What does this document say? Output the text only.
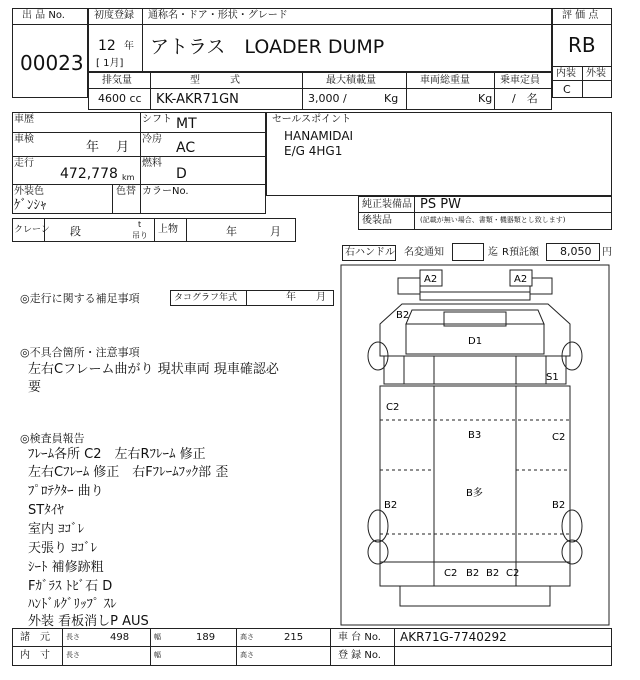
出 品 No.
00023
初度登録 通称名・ドア・形状・グレード
12 年
[ 1月]
アトラス　LOADER DUMP
評 価 点
RB
内装 外装
C
排気量	型　　　式	最大積載量	車両総重量	乗車定員
4600 cc KK-AKR71GN	3,000 /	Kg	Kg /　名
車歴	シフト MT
車検
年　 月
冷房
AC
走行
472,778 km
燃料
D
外装色
ｹﾞﾝｼｬ
色替 カラーNo.
セールスポイント
HANAMIDAI
E/G 4HG1
純正装備品 PS PW
後装品	(記載が無い場合、書類・機器類とし致します)
クレーン 段
t
吊り
上物	年　　　月
右ハンドル 名変通知	迄 R預託額 8,050 円
◎走行に関する補足事項	タコグラフ年式	年　　月
◎不具合箇所・注意事項
左右Cフレーム曲がり 現状車両 現車確認必
要
◎検査員報告
ﾌﾚｰﾑ各所 C2　左右Rﾌﾚｰﾑ 修正
左右Cﾌﾚｰﾑ 修正　右Fﾌﾚｰﾑﾌｯｸ部 歪
ﾌﾟﾛﾃｸﾀｰ 曲り
STﾀｲﾔ
室内 ﾖｺﾞﾚ
天張り ﾖｺﾞﾚ
ｼｰﾄ 補修跡粗
Fｶﾞﾗｽ ﾄﾋﾞ石 D
ﾊﾝﾄﾞﾙｸﾞﾘｯﾌﾟ ｽﾚ
外装 看板消しP AUS
A2	A2
B2
D1
S1
C2
C2
B3
B多
B2	B2
C2 B2 B2 C2
諸　元 長さ	498	幅	189	高さ	215	車 台 No. AKR71G-7740292
内　寸 長さ	幅	高さ	登 録 No.
